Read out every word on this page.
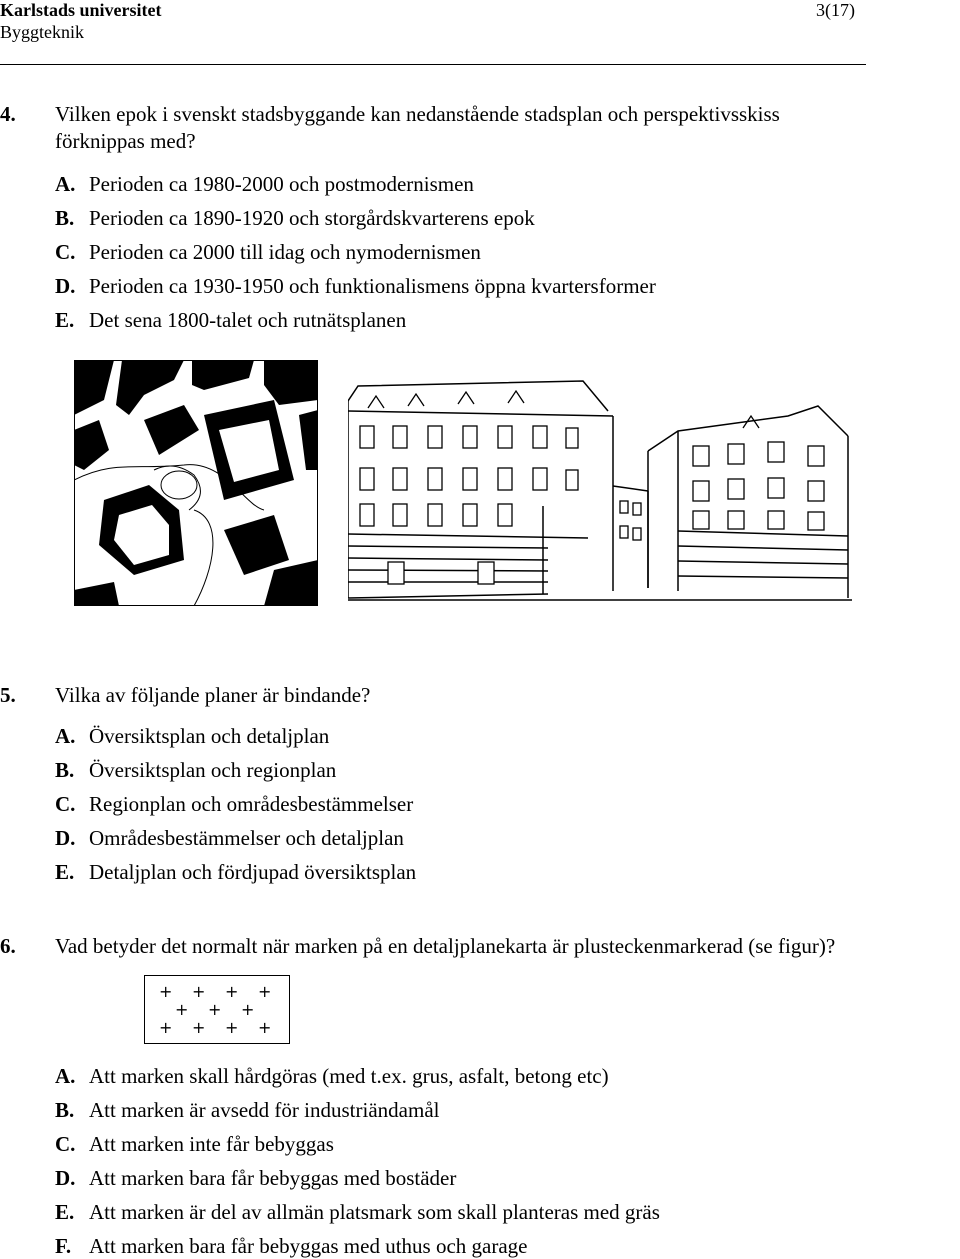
Karlstads universitet
Byggteknik
3(17)
4. Vilken epok i svenskt stadsbyggande kan nedanstående stadsplan och perspektivsskiss
förknippas med?
A. Perioden ca 1980-2000 och postmodernismen
B. Perioden ca 1890-1920 och storgårdskvarterens epok
C. Perioden ca 2000 till idag och nymodernismen
D. Perioden ca 1930-1950 och funktionalismens öppna kvartersformer
E. Det sena 1800-talet och rutnätsplanen
5. Vilka av följande planer är bindande?
A. Översiktsplan och detaljplan
B. Översiktsplan och regionplan
C. Regionplan och områdesbestämmelser
D. Områdesbestämmelser och detaljplan
E. Detaljplan och fördjupad översiktsplan
6. Vad betyder det normalt när marken på en detaljplanekarta är plusteckenmarkerad (se figur)?
+ + + +
+ + +
+ + + +
A. Att marken skall hårdgöras (med t.ex. grus, asfalt, betong etc)
B. Att marken är avsedd för industriändamål
C. Att marken inte får bebyggas
D. Att marken bara får bebyggas med bostäder
E. Att marken är del av allmän platsmark som skall planteras med gräs
F. Att marken bara får bebyggas med uthus och garage
